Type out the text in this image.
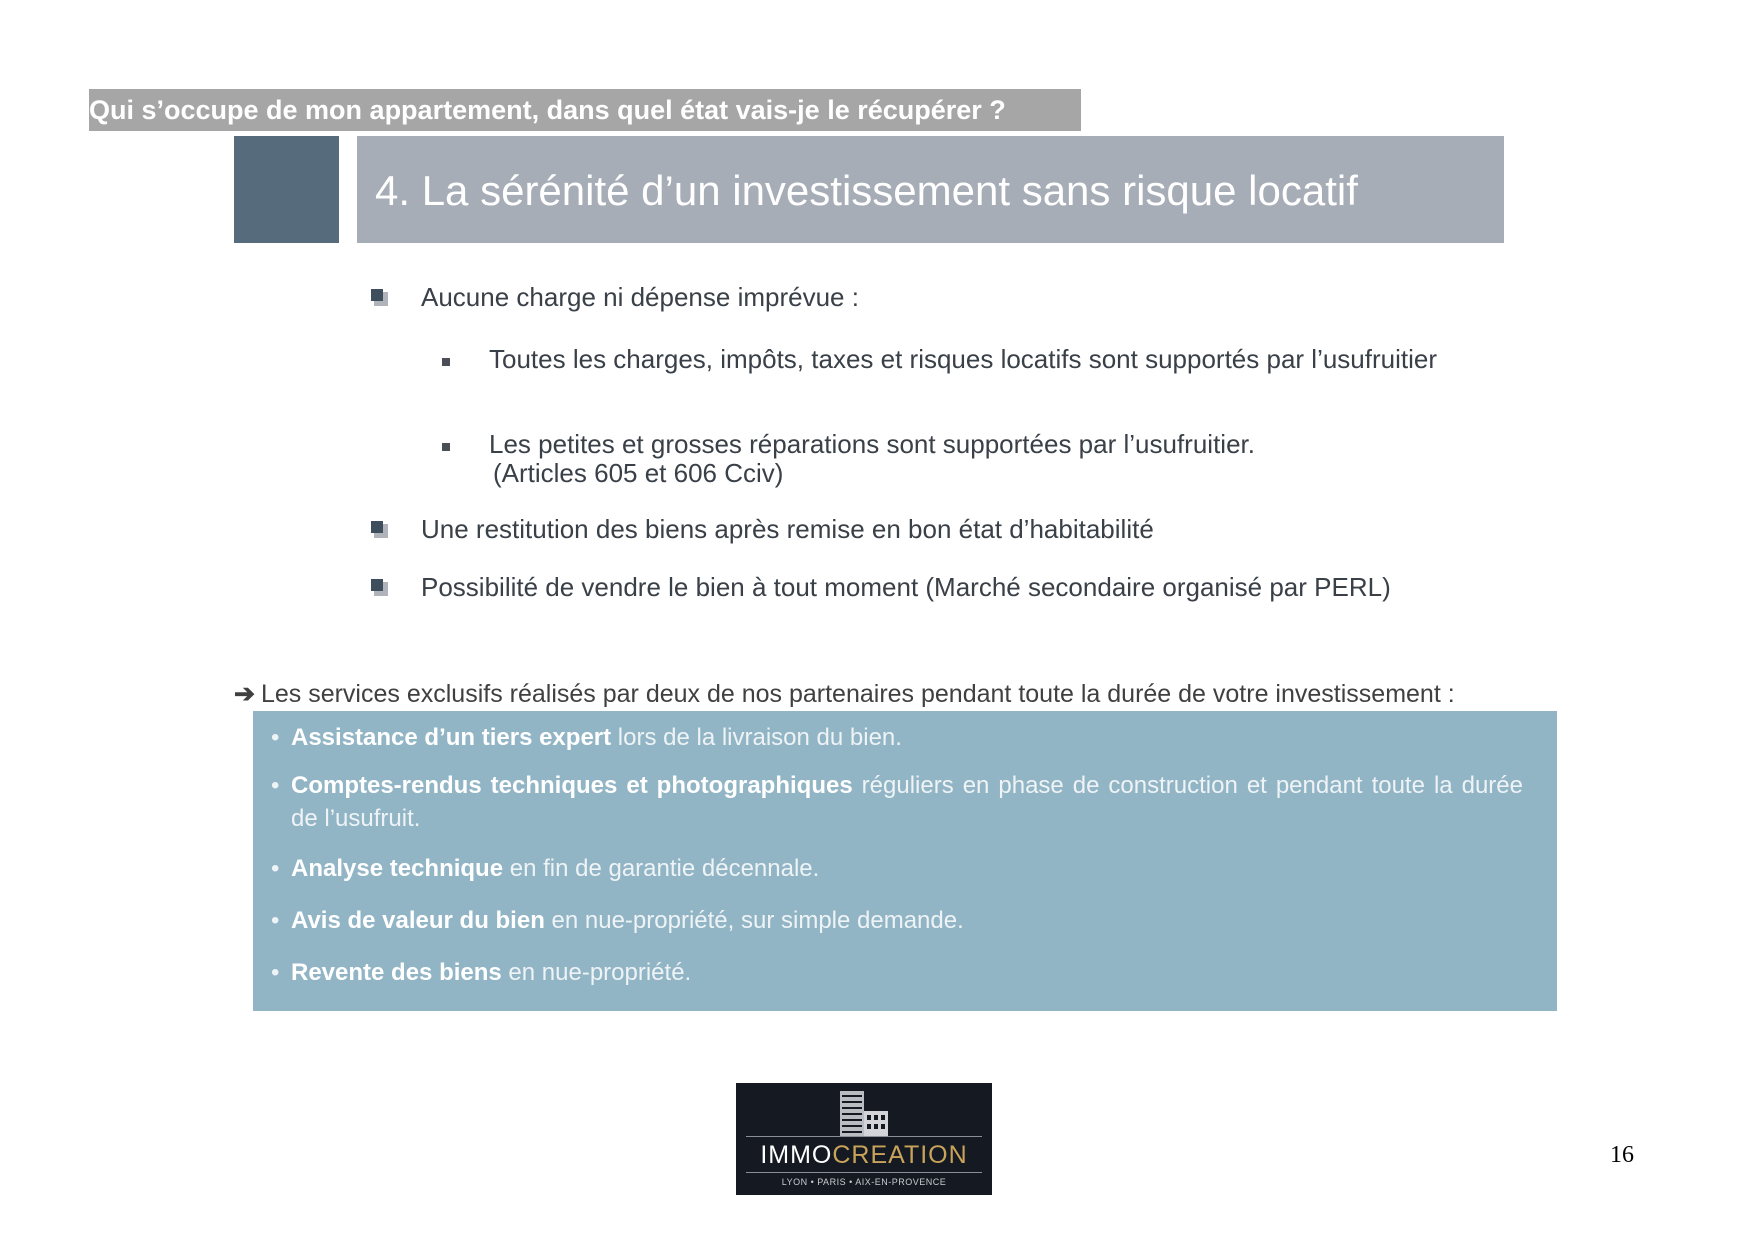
Qui s’occupe de mon appartement, dans quel état vais-je le récupérer ?
4. La sérénité d’un investissement sans risque locatif
Aucune charge ni dépense imprévue :
Toutes les charges, impôts, taxes et risques locatifs sont supportés par l’usufruitier
Les petites et grosses réparations sont supportées par l’usufruitier.
(Articles 605 et 606 Cciv)
Une restitution des biens après remise en bon état d’habitabilité
Possibilité de vendre le bien à tout moment (Marché secondaire organisé par PERL)
➔ Les services exclusifs réalisés par deux de nos partenaires pendant toute la durée de votre investissement :
• Assistance d’un tiers expert lors de la livraison du bien.
• Comptes-rendus techniques et photographiques réguliers en phase de construction et pendant toute la durée de l’usufruit.
• Analyse technique en fin de garantie décennale.
• Avis de valeur du bien en nue-propriété, sur simple demande.
• Revente des biens en nue-propriété.
IMMOCREATION
LYON • PARIS • AIX-EN-PROVENCE
16
